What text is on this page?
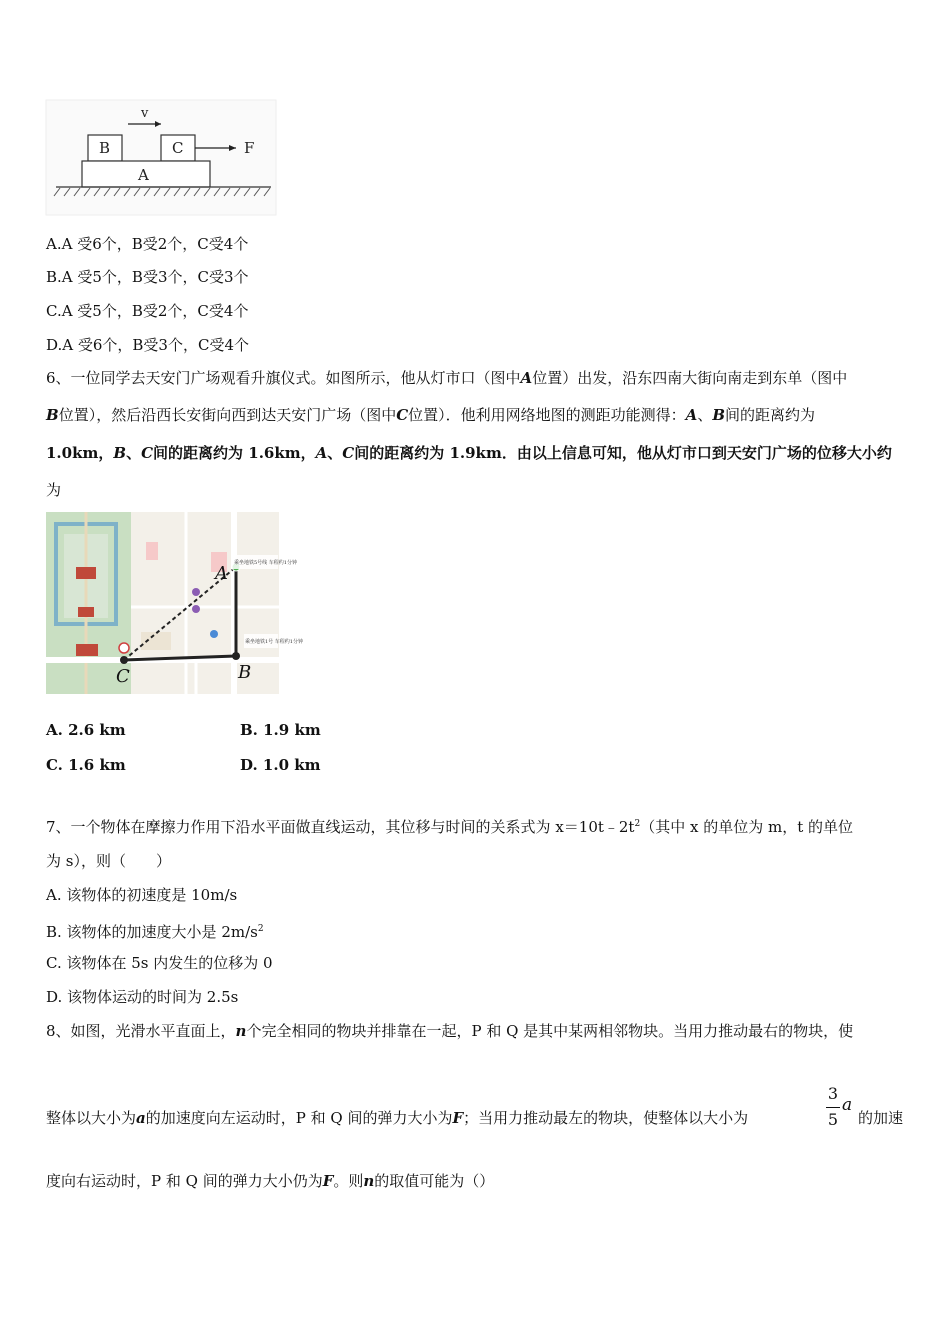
v
B	C	F
A
A.A 受6个，B受2个，C受4个
B.A 受5个，B受3个，C受3个
C.A 受5个，B受2个，C受4个
D.A 受6个，B受3个，C受4个
6、一位同学去天安门广场观看升旗仪式。如图所示，他从灯市口（图中A位置）出发，沿东四南大街向南走到东单（图中
B位置），然后沿西长安街向西到达天安门广场（图中C位置）．他利用网络地图的测距功能测得：A、B间的距离约为
1.0km，B、C间的距离约为 1.6km，A、C间的距离约为 1.9km．由以上信息可知，他从灯市口到天安门广场的位移大小约
为
乘坐地铁5号线 车程约1分钟
乘坐地铁1号 车程约1分钟
A
B
C
A. 2.6 km	B. 1.9 km
C. 1.6 km	D. 1.0 km
7、一个物体在摩擦力作用下沿水平面做直线运动，其位移与时间的关系式为 $x=10t﹣2t^2$（其中 x 的单位为 m，t 的单位
为 s），则（　　）
A. 该物体的初速度是 10m/s
B. 该物体的加速度大小是 $2m/s^2$
C. 该物体在 5s 内发生的位移为 0
D. 该物体运动的时间为 2.5s
8、如图，光滑水平直面上，n个完全相同的物块并排靠在一起，P 和 Q 是其中某两相邻物块。当用力推动最右的物块，使
整体以大小为a的加速度向左运动时，P 和 Q 间的弹力大小为F；当用力推动最左的物块，使整体以大小为
3
5
a
的加速
度向右运动时，P 和 Q 间的弹力大小仍为F。则n的取值可能为（）
